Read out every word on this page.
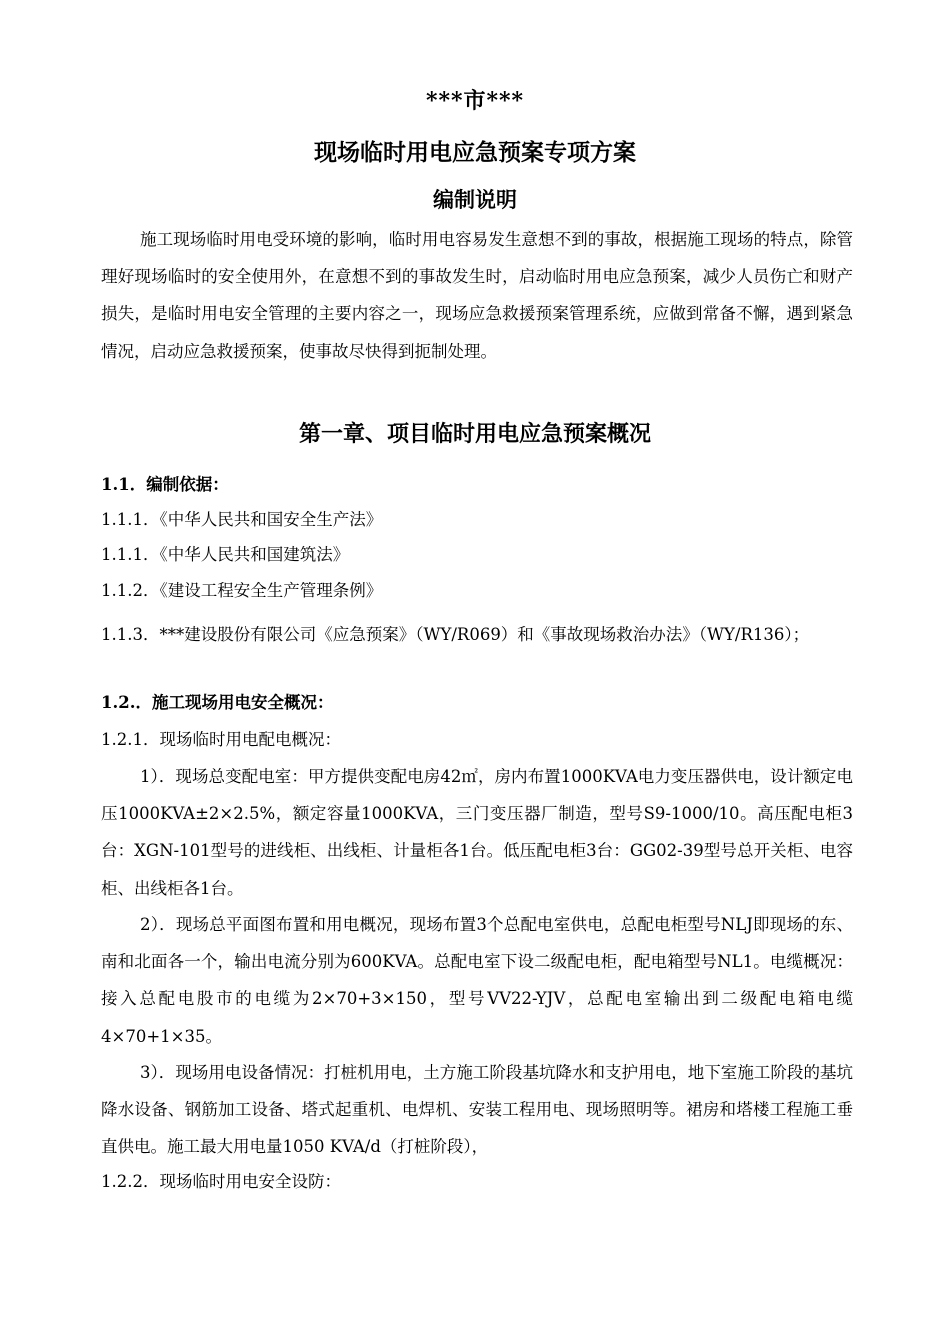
***市***
现场临时用电应急预案专项方案
编制说明
施工现场临时用电受环境的影响，临时用电容易发生意想不到的事故，根据施工现场的特点，除管理好现场临时的安全使用外，在意想不到的事故发生时，启动临时用电应急预案，减少人员伤亡和财产损失，是临时用电安全管理的主要内容之一，现场应急救援预案管理系统，应做到常备不懈，遇到紧急情况，启动应急救援预案，使事故尽快得到扼制处理。
第一章、项目临时用电应急预案概况
1.1．编制依据：
1.1.1．《中华人民共和国安全生产法》
1.1.1．《中华人民共和国建筑法》
1.1.2．《建设工程安全生产管理条例》
1.1.3．***建设股份有限公司《应急预案》（WY/R069）和《事故现场救治办法》（WY/R136）；
1.2.．施工现场用电安全概况：
1.2.1．现场临时用电配电概况：
1）．现场总变配电室：甲方提供变配电房42㎡，房内布置1000KVA电力变压器供电，设计额定电压1000KVA±2×2.5%，额定容量1000KVA，三门变压器厂制造，型号S9-1000/10。高压配电柜3台：XGN-101型号的进线柜、出线柜、计量柜各1台。低压配电柜3台：GG02-39型号总开关柜、电容柜、出线柜各1台。
2）．现场总平面图布置和用电概况，现场布置3个总配电室供电，总配电柜型号NLJ即现场的东、南和北面各一个，输出电流分别为600KVA。总配电室下设二级配电柜，配电箱型号NL1。电缆概况：接入总配电股市的电缆为2×70+3×150，型号VV22-YJV，总配电室输出到二级配电箱电缆4×70+1×35。
3）．现场用电设备情况：打桩机用电，土方施工阶段基坑降水和支护用电，地下室施工阶段的基坑降水设备、钢筋加工设备、塔式起重机、电焊机、安装工程用电、现场照明等。裙房和塔楼工程施工垂直供电。施工最大用电量1050 KVA/d（打桩阶段），
1.2.2．现场临时用电安全设防：
